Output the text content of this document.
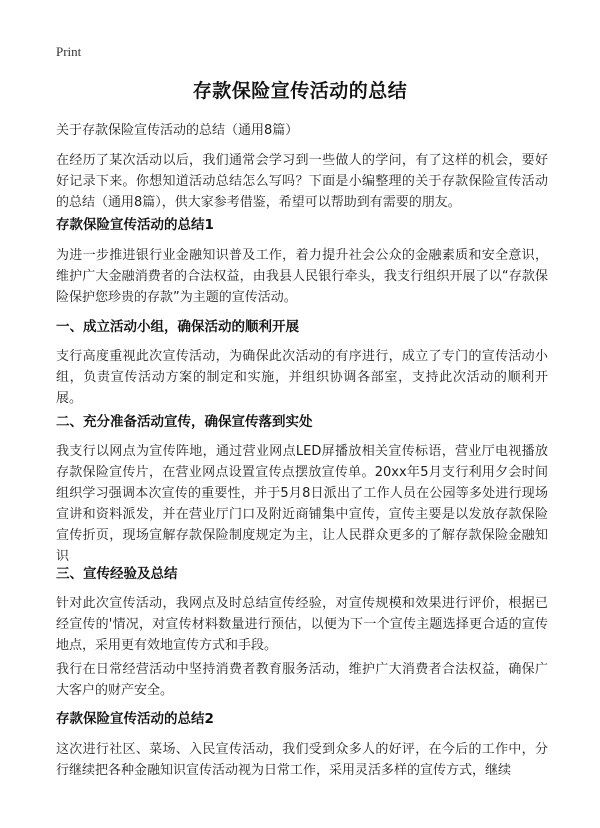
Print
存款保险宣传活动的总结
关于存款保险宣传活动的总结（通用8篇）

在经历了某次活动以后，我们通常会学习到一些做人的学问，有了这样的机会，要好好记录下来。你想知道活动总结怎么写吗？下面是小编整理的关于存款保险宣传活动的总结（通用8篇），供大家参考借鉴，希望可以帮助到有需要的朋友。

存款保险宣传活动的总结1

为进一步推进银行业金融知识普及工作，着力提升社会公众的金融素质和安全意识，维护广大金融消费者的合法权益，由我县人民银行牵头，我支行组织开展了以“存款保险保护您珍贵的存款”为主题的宣传活动。

一、成立活动小组，确保活动的顺利开展

支行高度重视此次宣传活动，为确保此次活动的有序进行，成立了专门的宣传活动小组，负责宣传活动方案的制定和实施，并组织协调各部室，支持此次活动的顺利开展。

二、充分准备活动宣传，确保宣传落到实处

我支行以网点为宣传阵地，通过营业网点LED屏播放相关宣传标语，营业厅电视播放存款保险宣传片，在营业网点设置宣传点摆放宣传单。20xx年5月支行利用夕会时间组织学习强调本次宣传的重要性，并于5月8日派出了工作人员在公园等多处进行现场宣讲和资料派发，并在营业厅门口及附近商铺集中宣传，宣传主要是以发放存款保险宣传折页，现场宣解存款保险制度规定为主，让人民群众更多的了解存款保险金融知识

三、宣传经验及总结

针对此次宣传活动，我网点及时总结宣传经验，对宣传规模和效果进行评价，根据已经宣传的'情况，对宣传材料数量进行预估，以便为下一个宣传主题选择更合适的宣传地点，采用更有效地宣传方式和手段。

我行在日常经营活动中坚持消费者教育服务活动，维护广大消费者合法权益，确保广大客户的财产安全。

存款保险宣传活动的总结2

这次进行社区、菜场、入民宣传活动，我们受到众多人的好评，在今后的工作中，分行继续把各种金融知识宣传活动视为日常工作，采用灵活多样的宣传方式，继续
